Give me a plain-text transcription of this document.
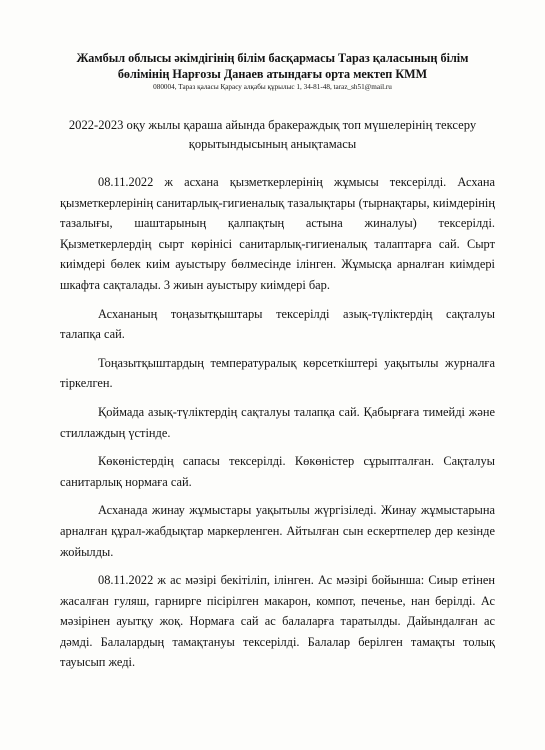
Жамбыл облысы әкімдігінің білім басқармасы Тараз қаласының білім

бөлімінің Нарғозы Данаев атындағы орта мектеп КММ

080004, Тараз қаласы Қарасу алқабы құрылыс 1, 34-81-48, taraz_sh51@mail.ru

2022-2023 оқу жылы қараша айында бракераждық топ мүшелерінің тексеру
қорытындысының анықтамасы

08.11.2022 ж асхана қызметкерлерінің жұмысы тексерілді. Асхана қызметкерлерінің санитарлық-гигиеналық тазалықтары (тырнақтары, киімдерінің тазалығы, шаштарының қалпақтың астына жиналуы) тексерілді. Қызметкерлердің сырт көрінісі санитарлық-гигиеналық талаптарға сай. Сырт киімдері бөлек киім ауыстыру бөлмесінде ілінген. Жұмысқа арналған киімдері шкафта сақталады. 3 жиын ауыстыру киімдері бар.

Асхананың тоңазытқыштары тексерілді азық-түліктердің сақталуы талапқа сай.

Тоңазытқыштардың температуралық көрсеткіштері уақытылы журналға тіркелген.

Қоймада азық-түліктердің сақталуы талапқа сай. Қабырғаға тимейді және стиллаждың үстінде.

Көкөністердің сапасы тексерілді. Көкөністер сұрыпталған. Сақталуы санитарлық нормаға сай.

Асханада жинау жұмыстары уақытылы жүргізіледі. Жинау жұмыстарына арналған құрал-жабдықтар маркерленген. Айтылған сын ескертпелер дер кезінде жойылды.

08.11.2022 ж ас мәзірі бекітіліп, ілінген. Ас мәзірі бойынша: Сиыр етінен жасалған гуляш, гарнирге пісірілген макарон, компот, печенье, нан берілді. Ас мәзірінен ауытқу жоқ. Нормаға сай ас балаларға таратылды. Дайындалған ас дәмді. Балалардың тамақтануы тексерілді. Балалар берілген тамақты толық тауысып жеді.
